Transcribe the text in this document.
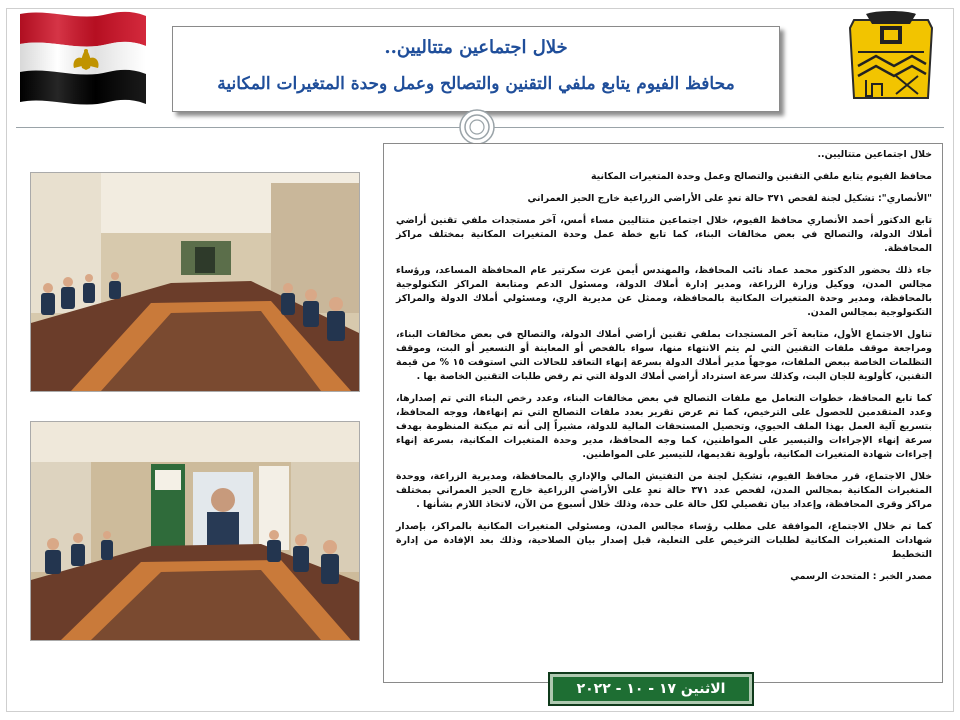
خلال اجتماعين متتاليين..
محافظ الفيوم يتابع ملفي التقنين والتصالح وعمل وحدة المتغيرات المكانية

خلال اجتماعين متتاليين..

محافظ الفيوم يتابع ملفي التقنين والتصالح وعمل وحدة المتغيرات المكانية

"الأنصاري": تشكيل لجنة لفحص ٣٧١ حالة تعدٍ على الأراضي الزراعية خارج الحيز العمراني

تابع الدكتور أحمد الأنصاري محافظ الفيوم، خلال اجتماعين متتاليين مساء أمس، آخر مستجدات ملفي تقنين أراضي أملاك الدولة، والتصالح في بعض مخالفات البناء، كما تابع خطة عمل وحدة المتغيرات المكانية بمختلف مراكز المحافظة.

جاء ذلك بحضور الدكتور محمد عماد نائب المحافظ، والمهندس أيمن عزت سكرتير عام المحافظة المساعد، ورؤساء مجالس المدن، ووكيل وزارة الزراعة، ومدير إدارة أملاك الدولة، ومسئول الدعم ومتابعة المراكز التكنولوجية بالمحافظة، ومدير وحدة المتغيرات المكانية بالمحافظة، وممثل عن مديرية الري، ومسئولي أملاك الدولة والمراكز التكنولوجية بمجالس المدن.

تناول الاجتماع الأول، متابعة آخر المستجدات بملفي تقنين أراضي أملاك الدولة، والتصالح في بعض مخالفات البناء، ومراجعة موقف ملفات التقنين التي لم يتم الانتهاء منها، سواء بالفحص أو المعاينة أو التسعير أو البت، وموقف التظلمات الخاصة ببعض الملفات، موجهاً مدير أملاك الدولة بسرعة إنهاء التعاقد للحالات التي استوفت ١٥ % من قيمة التقنين، كأولوية للجان البت، وكذلك سرعة استرداد أراضي أملاك الدولة التي تم رفض طلبات التقنين الخاصة بها .

كما تابع المحافظ، خطوات التعامل مع ملفات التصالح في بعض مخالفات البناء، وعدد رخص البناء التي تم إصدارها، وعدد المتقدمين للحصول على الترخيص، كما تم عرض تقرير بعدد ملفات التصالح التي تم إنهاءها، ووجه المحافظ، بتسريع آلية العمل بهذا الملف الحيوي، وتحصيل المستحقات المالية للدولة، مشيراً إلى أنه تم ميكنة المنظومة بهدف سرعة إنهاء الإجراءات والتيسير على المواطنين، كما وجه المحافظ، مدير وحدة المتغيرات المكانية، بسرعة إنهاء إجراءات شهادة المتغيرات المكانية، بأولوية تقديمها، للتيسير على المواطنين.

خلال الاجتماع، قرر محافظ الفيوم، تشكيل لجنة من التفتيش المالي والإداري بالمحافظة، ومديرية الزراعة، ووحدة المتغيرات المكانية بمجالس المدن، لفحص عدد ٣٧١ حالة تعدٍ على الأراضي الزراعية خارج الحيز العمراني بمختلف مراكز وقرى المحافظة، وإعداد بيان تفصيلي لكل حالة على حدة، وذلك خلال أسبوع من الآن، لاتخاذ اللازم بشأنها .

كما تم خلال الاجتماع، الموافقة على مطلب رؤساء مجالس المدن، ومسئولي المتغيرات المكانية بالمراكز، بإصدار شهادات المتغيرات المكانية لطلبات الترخيص على التعلية، قبل إصدار بيان الصلاحية، وذلك بعد الإفادة من إدارة التخطيط

مصدر الخبر : المتحدث الرسمي

الاثنين ١٧ - ١٠ - ٢٠٢٢
